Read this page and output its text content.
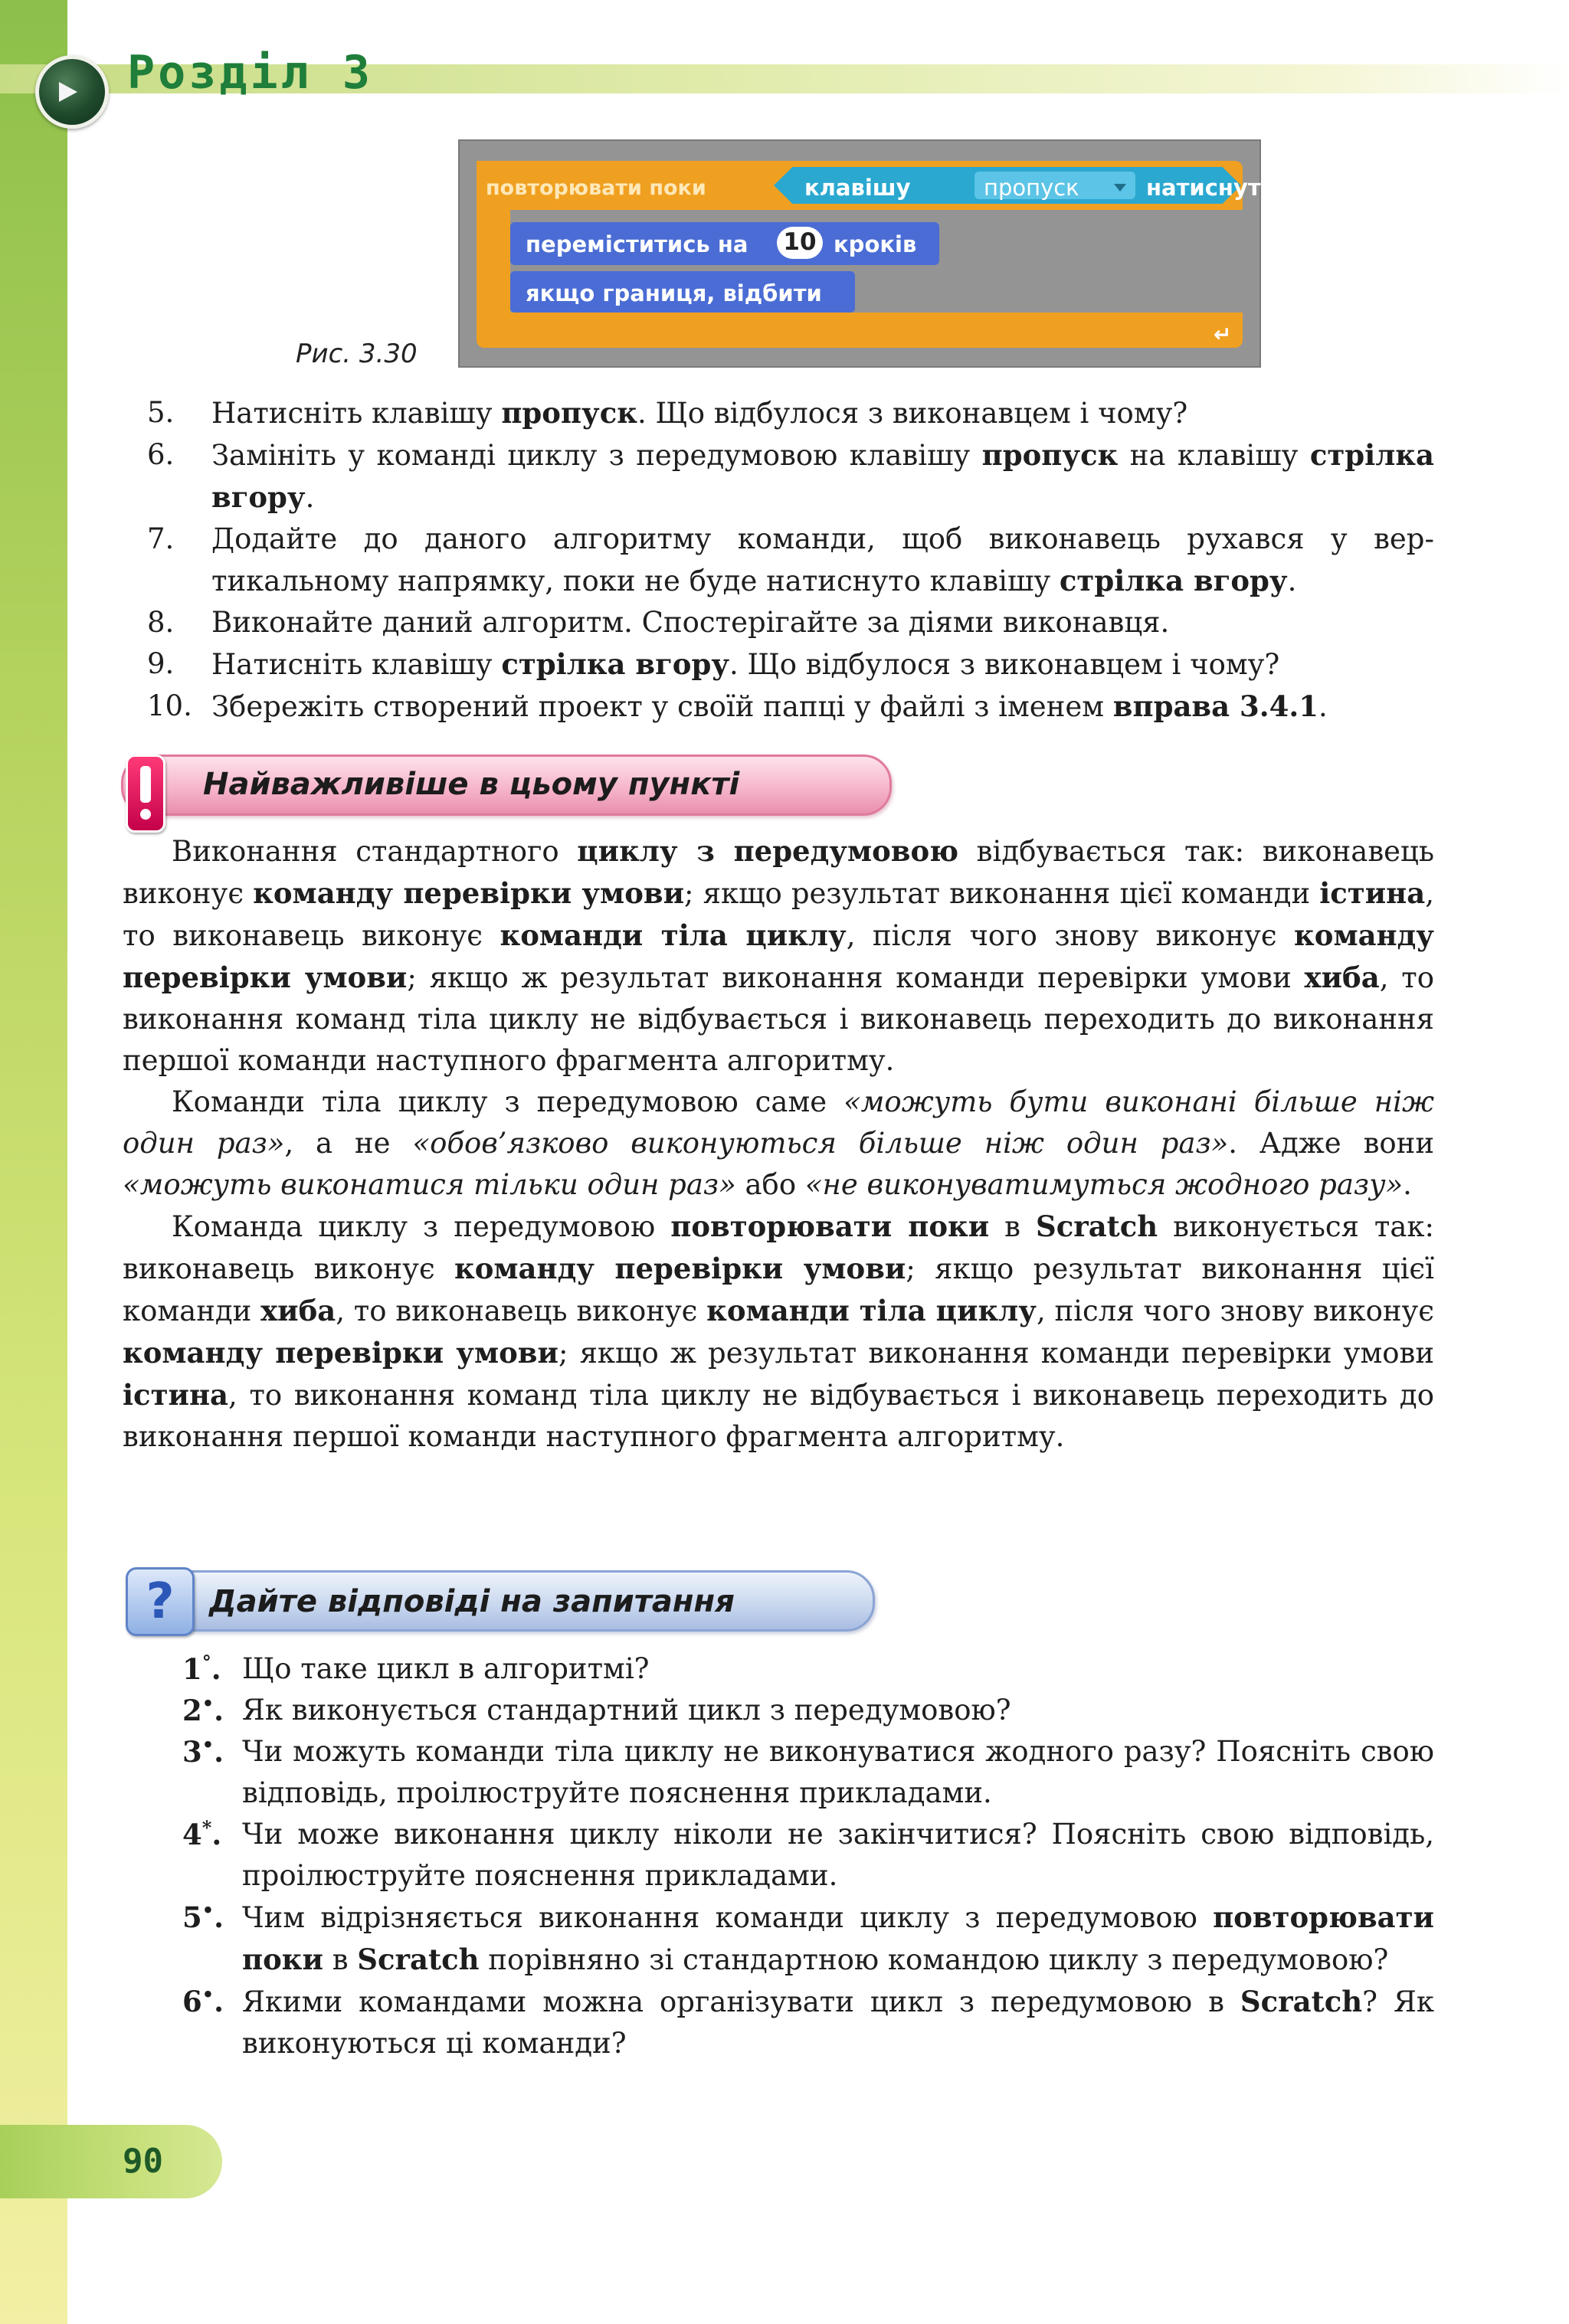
Розділ 3
повторювати поки	клавішу	пропуск	натиснуто?
переміститись на 10 кроків
якщо границя, відбити
↵
Рис. 3.30
5.	Натисніть клавішу пропуск. Що відбулося з виконавцем і чому?
6.	Замініть у команді циклу з передумовою клавішу пропуск на клавішу стрілка вгору.
7.	Додайте до даного алгоритму команди, щоб виконавець рухався у вертикальному напрямку, поки не буде натиснуто клавішу стрілка вгору.
8.	Виконайте даний алгоритм. Спостерігайте за діями виконавця.
9.	Натисніть клавішу стрілка вгору. Що відбулося з виконавцем і чому?
10. Збережіть створений проект у своїй папці у файлі з іменем вправа 3.4.1.
Найважливіше в цьому пункті

Виконання стандартного циклу з передумовою відбувається так: виконавець виконує команду перевірки умови; якщо результат виконання цієї команди істина, то виконавець виконує команди тіла циклу, після чого знову виконує команду перевірки умови; якщо ж результат виконання команди перевірки умови хиба, то виконання команд тіла циклу не відбувається і виконавець переходить до виконання першої команди наступного фрагмента алгоритму.

Команди тіла циклу з передумовою саме «можуть бути виконані більше ніж один раз», а не «обов’язково виконуються більше ніж один раз». Адже вони «можуть виконатися тільки один раз» або «не виконуватимуться жодного разу».

Команда циклу з передумовою повторювати поки в Scratch виконується так: виконавець виконує команду перевірки умови; якщо результат виконання цієї команди хиба, то виконавець виконує команди тіла циклу, після чого знову виконує команду перевірки умови; якщо ж результат виконання команди перевірки умови істина, то виконання команд тіла циклу не відбувається і виконавець переходить до виконання першої команди наступного фрагмента алгоритму.

Дайте відповіді на запитання
?
1°. Що таке цикл в алгоритмі?
2•. Як виконується стандартний цикл з передумовою?
3•. Чи можуть команди тіла циклу не виконуватися жодного разу? Поясніть свою відповідь, проілюструйте пояснення прикладами.
4*. Чи може виконання циклу ніколи не закінчитися? Поясніть свою відповідь, проілюструйте пояснення прикладами.
5•. Чим відрізняється виконання команди циклу з передумовою повторювати поки в Scratch порівняно зі стандартною командою циклу з передумовою?
6•. Якими командами можна організувати цикл з передумовою в Scratch? Як виконуються ці команди?
90
